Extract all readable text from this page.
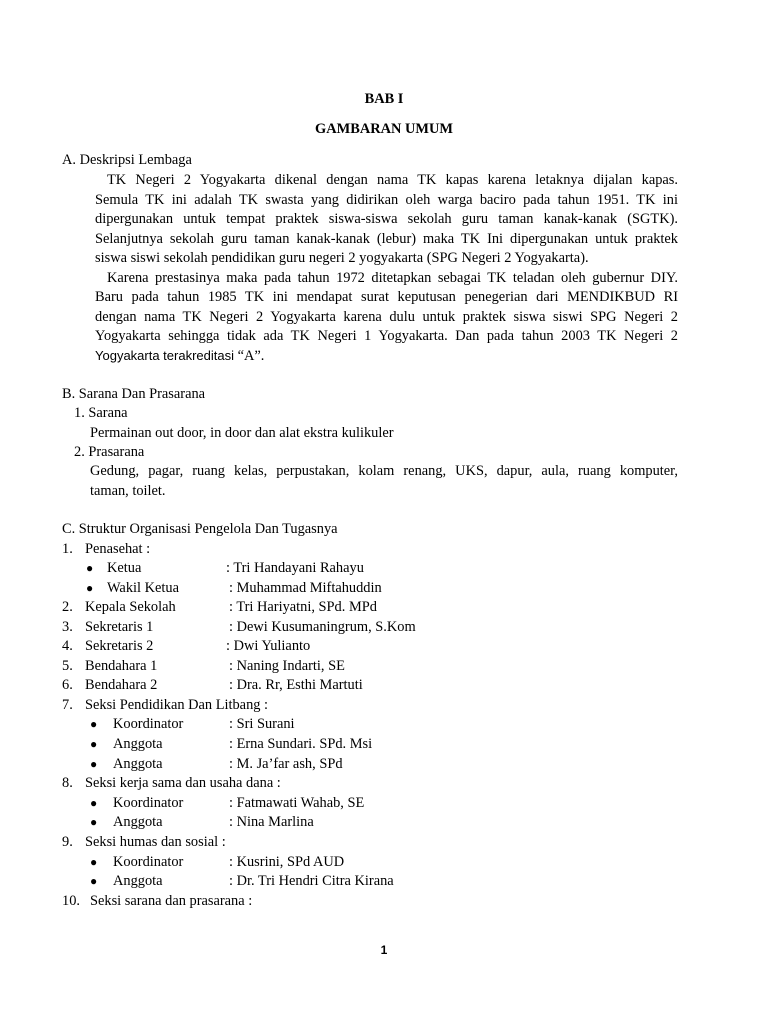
BAB I
GAMBARAN UMUM
A. Deskripsi Lembaga
TK Negeri 2 Yogyakarta dikenal dengan nama TK kapas karena letaknya dijalan kapas.
Semula TK ini adalah TK swasta yang didirikan oleh warga baciro pada tahun 1951. TK ini
dipergunakan untuk tempat praktek siswa-siswa sekolah guru taman kanak-kanak (SGTK).
Selanjutnya sekolah guru taman kanak-kanak (lebur) maka TK Ini dipergunakan untuk praktek
siswa siswi sekolah pendidikan guru negeri 2 yogyakarta (SPG Negeri 2 Yogyakarta).
Karena prestasinya maka pada tahun 1972 ditetapkan sebagai TK teladan oleh gubernur DIY.
Baru pada tahun 1985 TK ini mendapat surat keputusan penegerian dari MENDIKBUD RI
dengan nama TK Negeri 2 Yogyakarta karena dulu untuk praktek siswa siswi SPG Negeri 2
Yogyakarta sehingga tidak ada TK Negeri 1 Yogyakarta. Dan pada tahun 2003 TK Negeri 2
Yogyakarta terakreditasi “A”.
B. Sarana Dan Prasarana
1. Sarana
Permainan out door, in door dan alat ekstra kulikuler
2. Prasarana
Gedung, pagar, ruang kelas, perpustakan, kolam renang, UKS, dapur, aula, ruang komputer,
taman, toilet.
C. Struktur Organisasi Pengelola Dan Tugasnya
1. Penasehat :
● Ketua	: Tri Handayani Rahayu
● Wakil Ketua	: Muhammad Miftahuddin
2. Kepala Sekolah	: Tri Hariyatni, SPd. MPd
3. Sekretaris 1	: Dewi Kusumaningrum, S.Kom
4. Sekretaris 2	: Dwi Yulianto
5. Bendahara 1	: Naning Indarti, SE
6. Bendahara 2	: Dra. Rr, Esthi Martuti
7. Seksi Pendidikan Dan Litbang :
● Koordinator	: Sri Surani
● Anggota	: Erna Sundari. SPd. Msi
● Anggota	: M. Ja’far ash, SPd
8. Seksi kerja sama dan usaha dana :
● Koordinator	: Fatmawati Wahab, SE
● Anggota	: Nina Marlina
9. Seksi humas dan sosial :
● Koordinator	: Kusrini, SPd AUD
● Anggota	: Dr. Tri Hendri Citra Kirana
10. Seksi sarana dan prasarana :
1
